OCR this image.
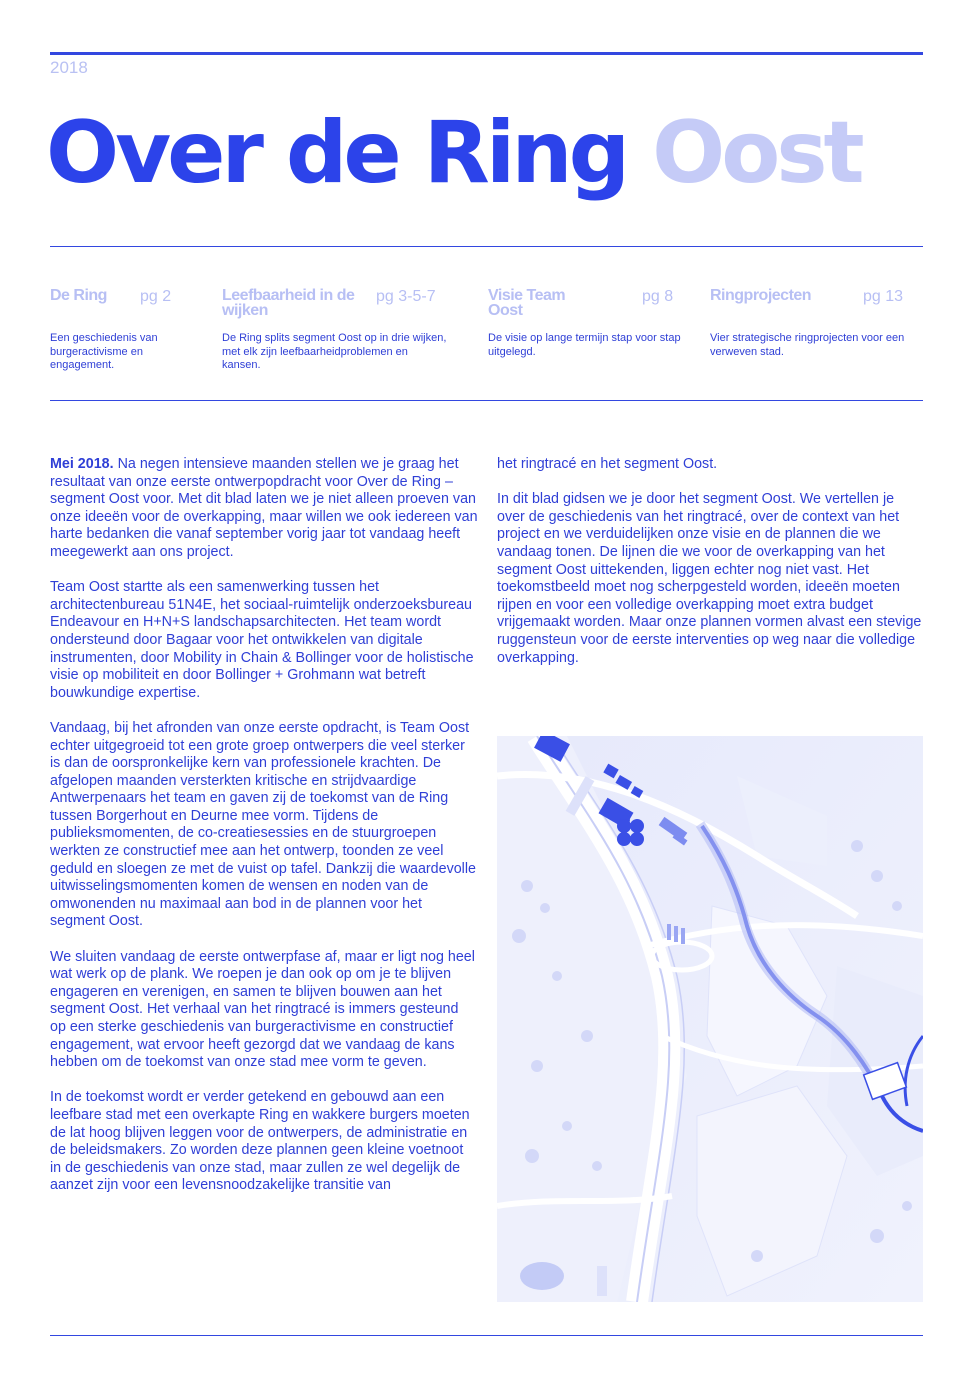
2018
Over de Ring Oost
De Ring	pg 2
Een geschiedenis van burgeractivisme en engagement.
Leefbaarheid in de wijken
pg 3-5-7
De Ring splits segment Oost op in drie wijken, met elk zijn leefbaarheidproblemen en kansen.
Visie Team Oost
pg 8
De visie op lange termijn stap voor stap uitgelegd.
Ringprojecten	pg 13
Vier strategische ringprojecten voor een verweven stad.

Mei 2018. Na negen intensieve maanden stellen we je graag het resultaat van onze eerste ontwerpopdracht voor Over de Ring – segment Oost voor. Met dit blad laten we je niet alleen proeven van onze ideeën voor de overkapping, maar willen we ook iedereen van harte bedanken die vanaf september vorig jaar tot vandaag heeft meegewerkt aan ons project.

Team Oost startte als een samenwerking tussen het architectenbureau 51N4E, het sociaal-ruimtelijk onderzoeksbureau Endeavour en H+N+S landschapsarchitecten. Het team wordt ondersteund door Bagaar voor het ontwikkelen van digitale instrumenten, door Mobility in Chain & Bollinger voor de holistische visie op mobiliteit en door Bollinger + Grohmann wat betreft bouwkundige expertise.

Vandaag, bij het afronden van onze eerste opdracht, is Team Oost echter uitgegroeid tot een grote groep ontwerpers die veel sterker is dan de oorspronkelijke kern van professionele krachten. De afgelopen maanden versterkten kritische en strijdvaardige Antwerpenaars het team en gaven zij de toekomst van de Ring tussen Borgerhout en Deurne mee vorm. Tijdens de publieksmomenten, de co-creatiesessies en de stuurgroepen werkten ze constructief mee aan het ontwerp, toonden ze veel geduld en sloegen ze met de vuist op tafel. Dankzij die waardevolle uitwisselingsmomenten komen de wensen en noden van de omwonenden nu maximaal aan bod in de plannen voor het segment Oost.

We sluiten vandaag de eerste ontwerpfase af, maar er ligt nog heel wat werk op de plank. We roepen je dan ook op om je te blijven engageren en verenigen, en samen te blijven bouwen aan het segment Oost. Het verhaal van het ringtracé is immers gesteund op een sterke geschiedenis van burgeractivisme en constructief engagement, wat ervoor heeft gezorgd dat we vandaag de kans hebben om de toekomst van onze stad mee vorm te geven.

In de toekomst wordt er verder getekend en gebouwd aan een leefbare stad met een overkapte Ring en wakkere burgers moeten de lat hoog blijven leggen voor de ontwerpers, de administratie en de beleidsmakers. Zo worden deze plannen geen kleine voetnoot in de geschiedenis van onze stad, maar zullen ze wel degelijk de aanzet zijn voor een levensnoodzakelijke transitie van

het ringtracé en het segment Oost.

In dit blad gidsen we je door het segment Oost. We vertellen je over de geschiedenis van het ringtracé, over de context van het project en we verduidelijken onze visie en de plannen die we vandaag tonen. De lijnen die we voor de overkapping van het segment Oost uittekenden, liggen echter nog niet vast. Het toekomstbeeld moet nog scherpgesteld worden, ideeën moeten rijpen en voor een volledige overkapping moet extra budget vrijgemaakt worden. Maar onze plannen vormen alvast een stevige ruggensteun voor de eerste interventies op weg naar die volledige overkapping.
